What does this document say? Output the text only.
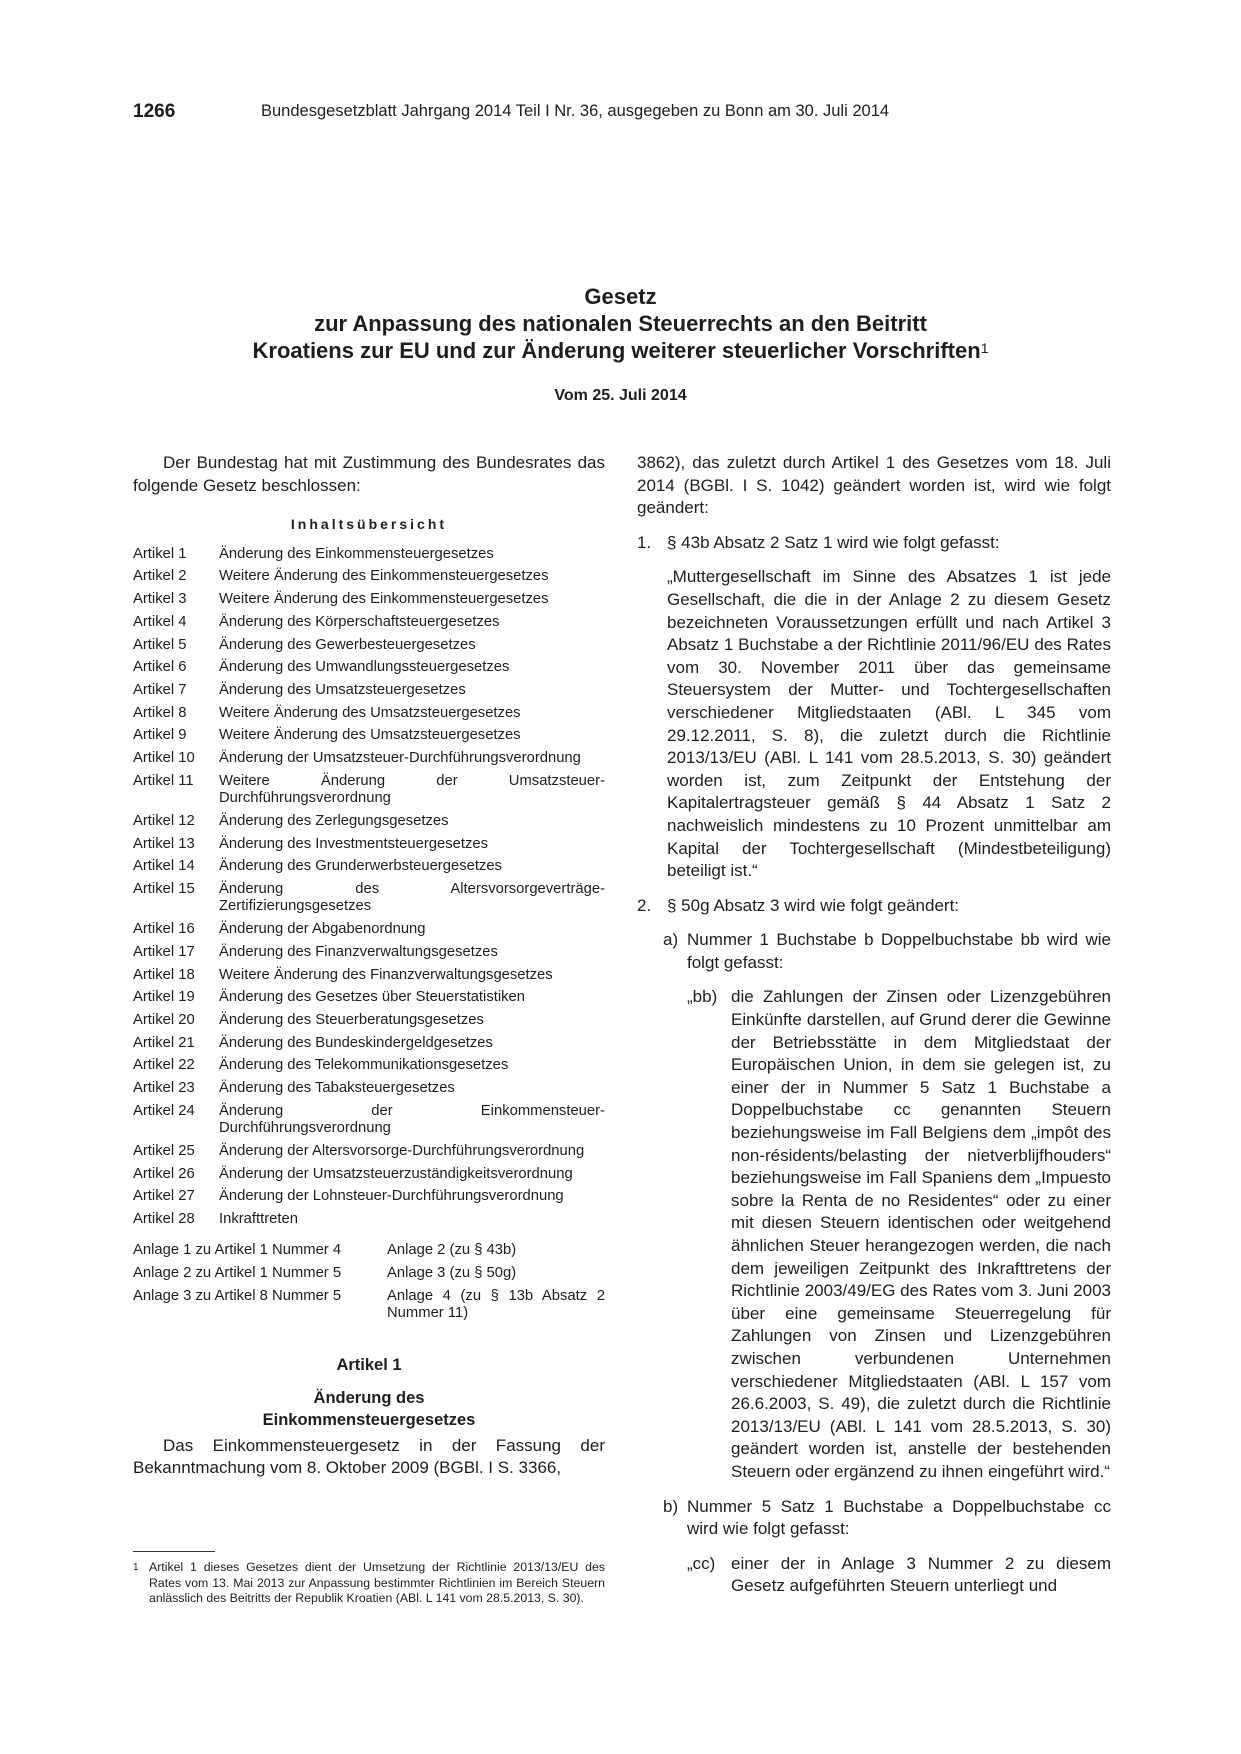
1266	Bundesgesetzblatt Jahrgang 2014 Teil I Nr. 36, ausgegeben zu Bonn am 30. Juli 2014
Gesetz
zur Anpassung des nationalen Steuerrechts an den Beitritt
Kroatiens zur EU und zur Änderung weiterer steuerlicher Vorschriften$^1$
Vom 25. Juli 2014

Der Bundestag hat mit Zustimmung des Bundesrates das folgende Gesetz beschlossen:

Inhaltsübersicht
Artikel 1	Änderung des Einkommensteuergesetzes
Artikel 2	Weitere Änderung des Einkommensteuergesetzes
Artikel 3	Weitere Änderung des Einkommensteuergesetzes
Artikel 4	Änderung des Körperschaftsteuergesetzes
Artikel 5	Änderung des Gewerbesteuergesetzes
Artikel 6	Änderung des Umwandlungssteuergesetzes
Artikel 7	Änderung des Umsatzsteuergesetzes
Artikel 8	Weitere Änderung des Umsatzsteuergesetzes
Artikel 9	Weitere Änderung des Umsatzsteuergesetzes
Artikel 10	Änderung der Umsatzsteuer-Durchführungsverordnung
Artikel 11	Weitere Änderung der Umsatzsteuer-Durchführungsverordnung
Artikel 12	Änderung des Zerlegungsgesetzes
Artikel 13	Änderung des Investmentsteuergesetzes
Artikel 14	Änderung des Grunderwerbsteuergesetzes
Artikel 15	Änderung des Altersvorsorgeverträge-Zertifizierungsgesetzes
Artikel 16	Änderung der Abgabenordnung
Artikel 17	Änderung des Finanzverwaltungsgesetzes
Artikel 18	Weitere Änderung des Finanzverwaltungsgesetzes
Artikel 19	Änderung des Gesetzes über Steuerstatistiken
Artikel 20	Änderung des Steuerberatungsgesetzes
Artikel 21	Änderung des Bundeskindergeldgesetzes
Artikel 22	Änderung des Telekommunikationsgesetzes
Artikel 23	Änderung des Tabaksteuergesetzes
Artikel 24	Änderung der Einkommensteuer-Durchführungsverordnung
Artikel 25	Änderung der Altersvorsorge-Durchführungsverordnung
Artikel 26	Änderung der Umsatzsteuerzuständigkeitsverordnung
Artikel 27	Änderung der Lohnsteuer-Durchführungsverordnung
Artikel 28	Inkrafttreten
Anlage 1 zu Artikel 1 Nummer 4	Anlage 2 (zu § 43b)
Anlage 2 zu Artikel 1 Nummer 5	Anlage 3 (zu § 50g)
Anlage 3 zu Artikel 8 Nummer 5	Anlage 4 (zu § 13b Absatz 2 Nummer 11)
Artikel 1
Änderung des
Einkommensteuergesetzes

Das Einkommensteuergesetz in der Fassung der Bekanntmachung vom 8. Oktober 2009 (BGBl. I S. 3366,

1 Artikel 1 dieses Gesetzes dient der Umsetzung der Richtlinie 2013/13/EU des Rates vom 13. Mai 2013 zur Anpassung bestimmter Richtlinien im Bereich Steuern anlässlich des Beitritts der Republik Kroatien (ABl. L 141 vom 28.5.2013, S. 30).

3862), das zuletzt durch Artikel 1 des Gesetzes vom 18. Juli 2014 (BGBl. I S. 1042) geändert worden ist, wird wie folgt geändert:

1. § 43b Absatz 2 Satz 1 wird wie folgt gefasst:

„Muttergesellschaft im Sinne des Absatzes 1 ist jede Gesellschaft, die die in der Anlage 2 zu diesem Gesetz bezeichneten Voraussetzungen erfüllt und nach Artikel 3 Absatz 1 Buchstabe a der Richtlinie 2011/96/EU des Rates vom 30. November 2011 über das gemeinsame Steuersystem der Mutter- und Tochtergesellschaften verschiedener Mitgliedstaaten (ABl. L 345 vom 29.12.2011, S. 8), die zuletzt durch die Richtlinie 2013/13/EU (ABl. L 141 vom 28.5.2013, S. 30) geändert worden ist, zum Zeitpunkt der Entstehung der Kapitalertragsteuer gemäß § 44 Absatz 1 Satz 2 nachweislich mindestens zu 10 Prozent unmittelbar am Kapital der Tochtergesellschaft (Mindestbeteiligung) beteiligt ist.“

2. § 50g Absatz 3 wird wie folgt geändert:

a) Nummer 1 Buchstabe b Doppelbuchstabe bb wird wie folgt gefasst:

„bb) die Zahlungen der Zinsen oder Lizenzgebühren Einkünfte darstellen, auf Grund derer die Gewinne der Betriebsstätte in dem Mitgliedstaat der Europäischen Union, in dem sie gelegen ist, zu einer der in Nummer 5 Satz 1 Buchstabe a Doppelbuchstabe cc genannten Steuern beziehungsweise im Fall Belgiens dem „impôt des non-résidents/belasting der nietverblijfhouders“ beziehungsweise im Fall Spaniens dem „Impuesto sobre la Renta de no Residentes“ oder zu einer mit diesen Steuern identischen oder weitgehend ähnlichen Steuer herangezogen werden, die nach dem jeweiligen Zeitpunkt des Inkrafttretens der Richtlinie 2003/49/EG des Rates vom 3. Juni 2003 über eine gemeinsame Steuerregelung für Zahlungen von Zinsen und Lizenzgebühren zwischen verbundenen Unternehmen verschiedener Mitgliedstaaten (ABl. L 157 vom 26.6.2003, S. 49), die zuletzt durch die Richtlinie 2013/13/EU (ABl. L 141 vom 28.5.2013, S. 30) geändert worden ist, anstelle der bestehenden Steuern oder ergänzend zu ihnen eingeführt wird.“

b) Nummer 5 Satz 1 Buchstabe a Doppelbuchstabe cc wird wie folgt gefasst:

„cc) einer der in Anlage 3 Nummer 2 zu diesem Gesetz aufgeführten Steuern unterliegt und
